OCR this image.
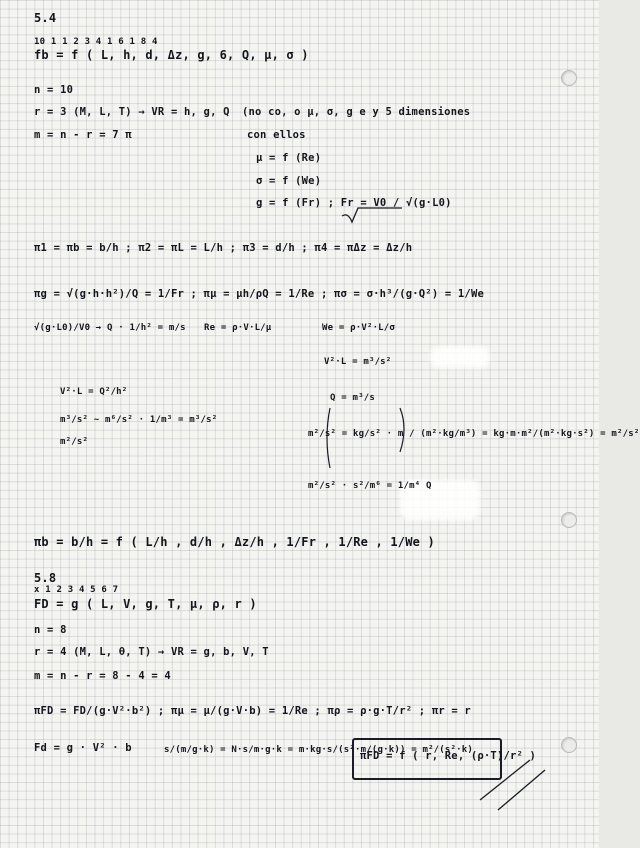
5.4
10 1 1 2 3 4 1 6 1 8 4
fb = f ( L, h, d, Δz, g, 6, Q, μ, σ )
n = 10
r = 3 (M, L, T) → VR = h, g, Q (no co, o μ, σ, g e y 5 dimensiones
m = n - r = 7 π	con ellos
μ = f (Re)
σ = f (We)
g = f (Fr) ; Fr = V0 / √(g·L0)
π1 = πb = b/h ; π2 = πL = L/h ; π3 = d/h ; π4 = πΔz = Δz/h
πg = √(g·h·h²)/Q = 1/Fr ; πμ = μh/ρQ = 1/Re ; πσ = σ·h³/(g·Q²) = 1/We
√(g·L0)/V0 → Q · 1/h² = m/s Re = ρ·V·L/μ	We = ρ·V²·L/σ
V²·L = m³/s²
V²·L = Q²/h²
m³/s² ~ m⁶/s² · 1/m³ = m³/s²
m²/s²
Q = m³/s
m²/s² = kg/s² · m / (m²·kg/m³) = kg·m·m²/(m²·kg·s²) = m²/s²
m²/s² · s²/m⁶ = 1/m⁴ Q
πb = b/h = f ( L/h , d/h , Δz/h , 1/Fr , 1/Re , 1/We )
5.8
x 1 2 3 4 5 6 7
FD = g ( L, V, g, T, μ, ρ, r )
n = 8
r = 4 (M, L, θ, T) → VR = g, b, V, T
m = n - r = 8 - 4 = 4
πFD = FD/(g·V²·b²) ; πμ = μ/(g·V·b) = 1/Re ; πρ = ρ·g·T/r² ; πr = r
Fd = g · V² · b	s/(m/g·k) = N·s/m·g·k = m·kg·s/(s²·m/(g·k)) = m²/(s²·k)
πFD = f ( r, Re, (ρ·T)/r² )
